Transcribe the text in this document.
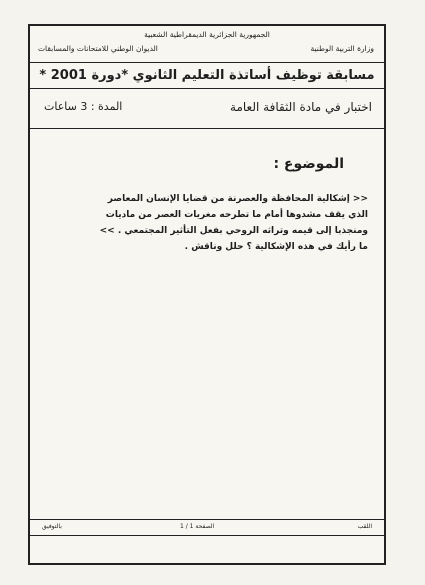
الجمهورية الجزائرية الديمقراطية الشعبية
وزارة التربية الوطنية
الديوان الوطني للامتحانات والمسابقات
مسابقة توظيف أساتذة التعليم الثانوي *دورة 2001 *
اختبار في مادة الثقافة العامة
المدة : 3 ساعات
الموضوع :
<< إشكالية المحافظة والعصرنة من قضايا الإنسان المعاصر
الذي يقف مشدوها أمام ما تطرحه مغريات العصر من ماديات
ومنجذبا إلى قيمه وتراثه الروحي بفعل التأثير المجتمعي . >>
ما رأيك في هذه الإشكالية ؟ حلل وناقش .
اللقب
الصفحة 1 / 1
بالتوفيق
